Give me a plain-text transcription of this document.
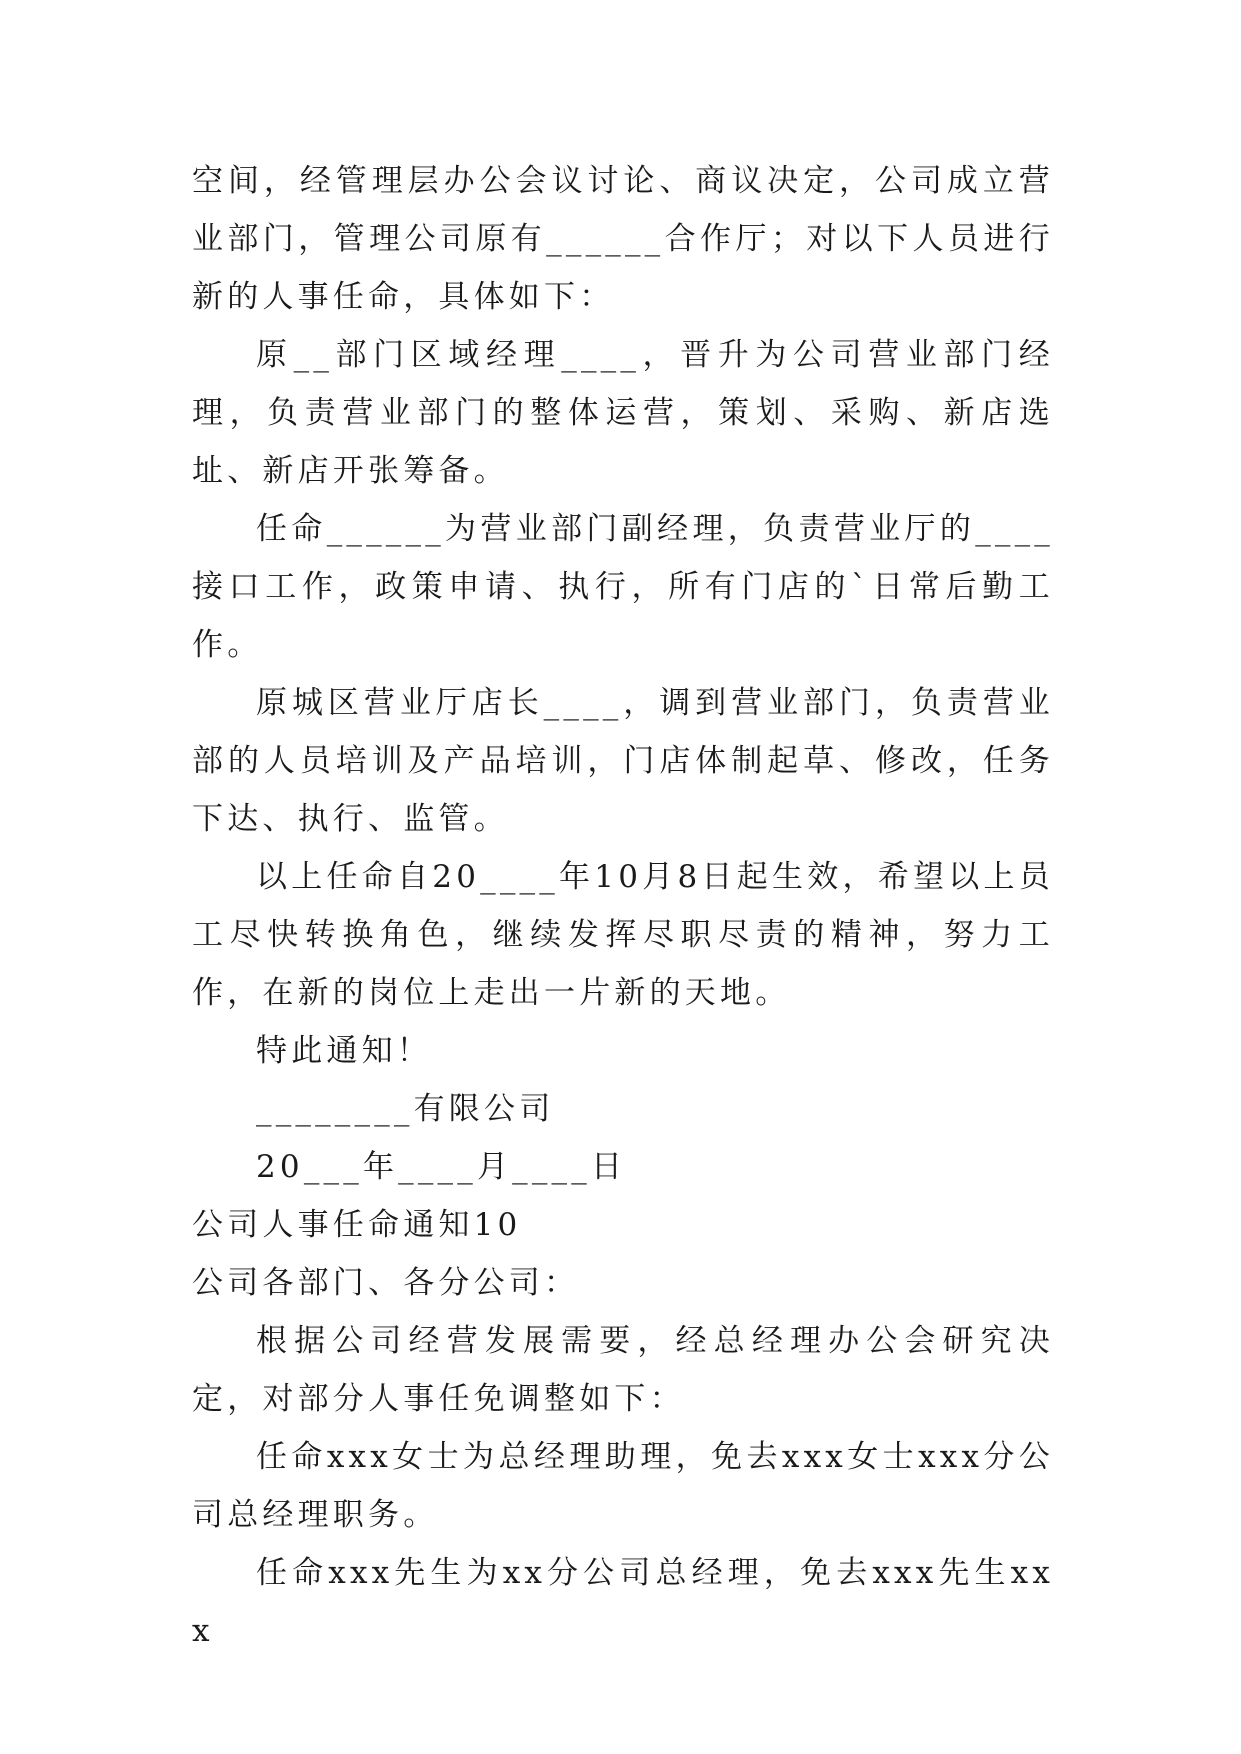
空间，经管理层办公会议讨论、商议决定，公司成立营业部门，管理公司原有______合作厅；对以下人员进行新的人事任命，具体如下：

原__部门区域经理____，晋升为公司营业部门经理，负责营业部门的整体运营，策划、采购、新店选址、新店开张筹备。

任命______为营业部门副经理，负责营业厅的____接口工作，政策申请、执行，所有门店的`日常后勤工作。

原城区营业厅店长____，调到营业部门，负责营业部的人员培训及产品培训，门店体制起草、修改，任务下达、执行、监管。

以上任命自20____年10月8日起生效，希望以上员工尽快转换角色，继续发挥尽职尽责的精神，努力工作，在新的岗位上走出一片新的天地。

特此通知！

________有限公司

20___年____月____日

公司人事任命通知10

公司各部门、各分公司：

根据公司经营发展需要，经总经理办公会研究决定，对部分人事任免调整如下：

任命xxx女士为总经理助理，免去xxx女士xxx分公司总经理职务。

任命xxx先生为xx分公司总经理，免去xxx先生xxx
